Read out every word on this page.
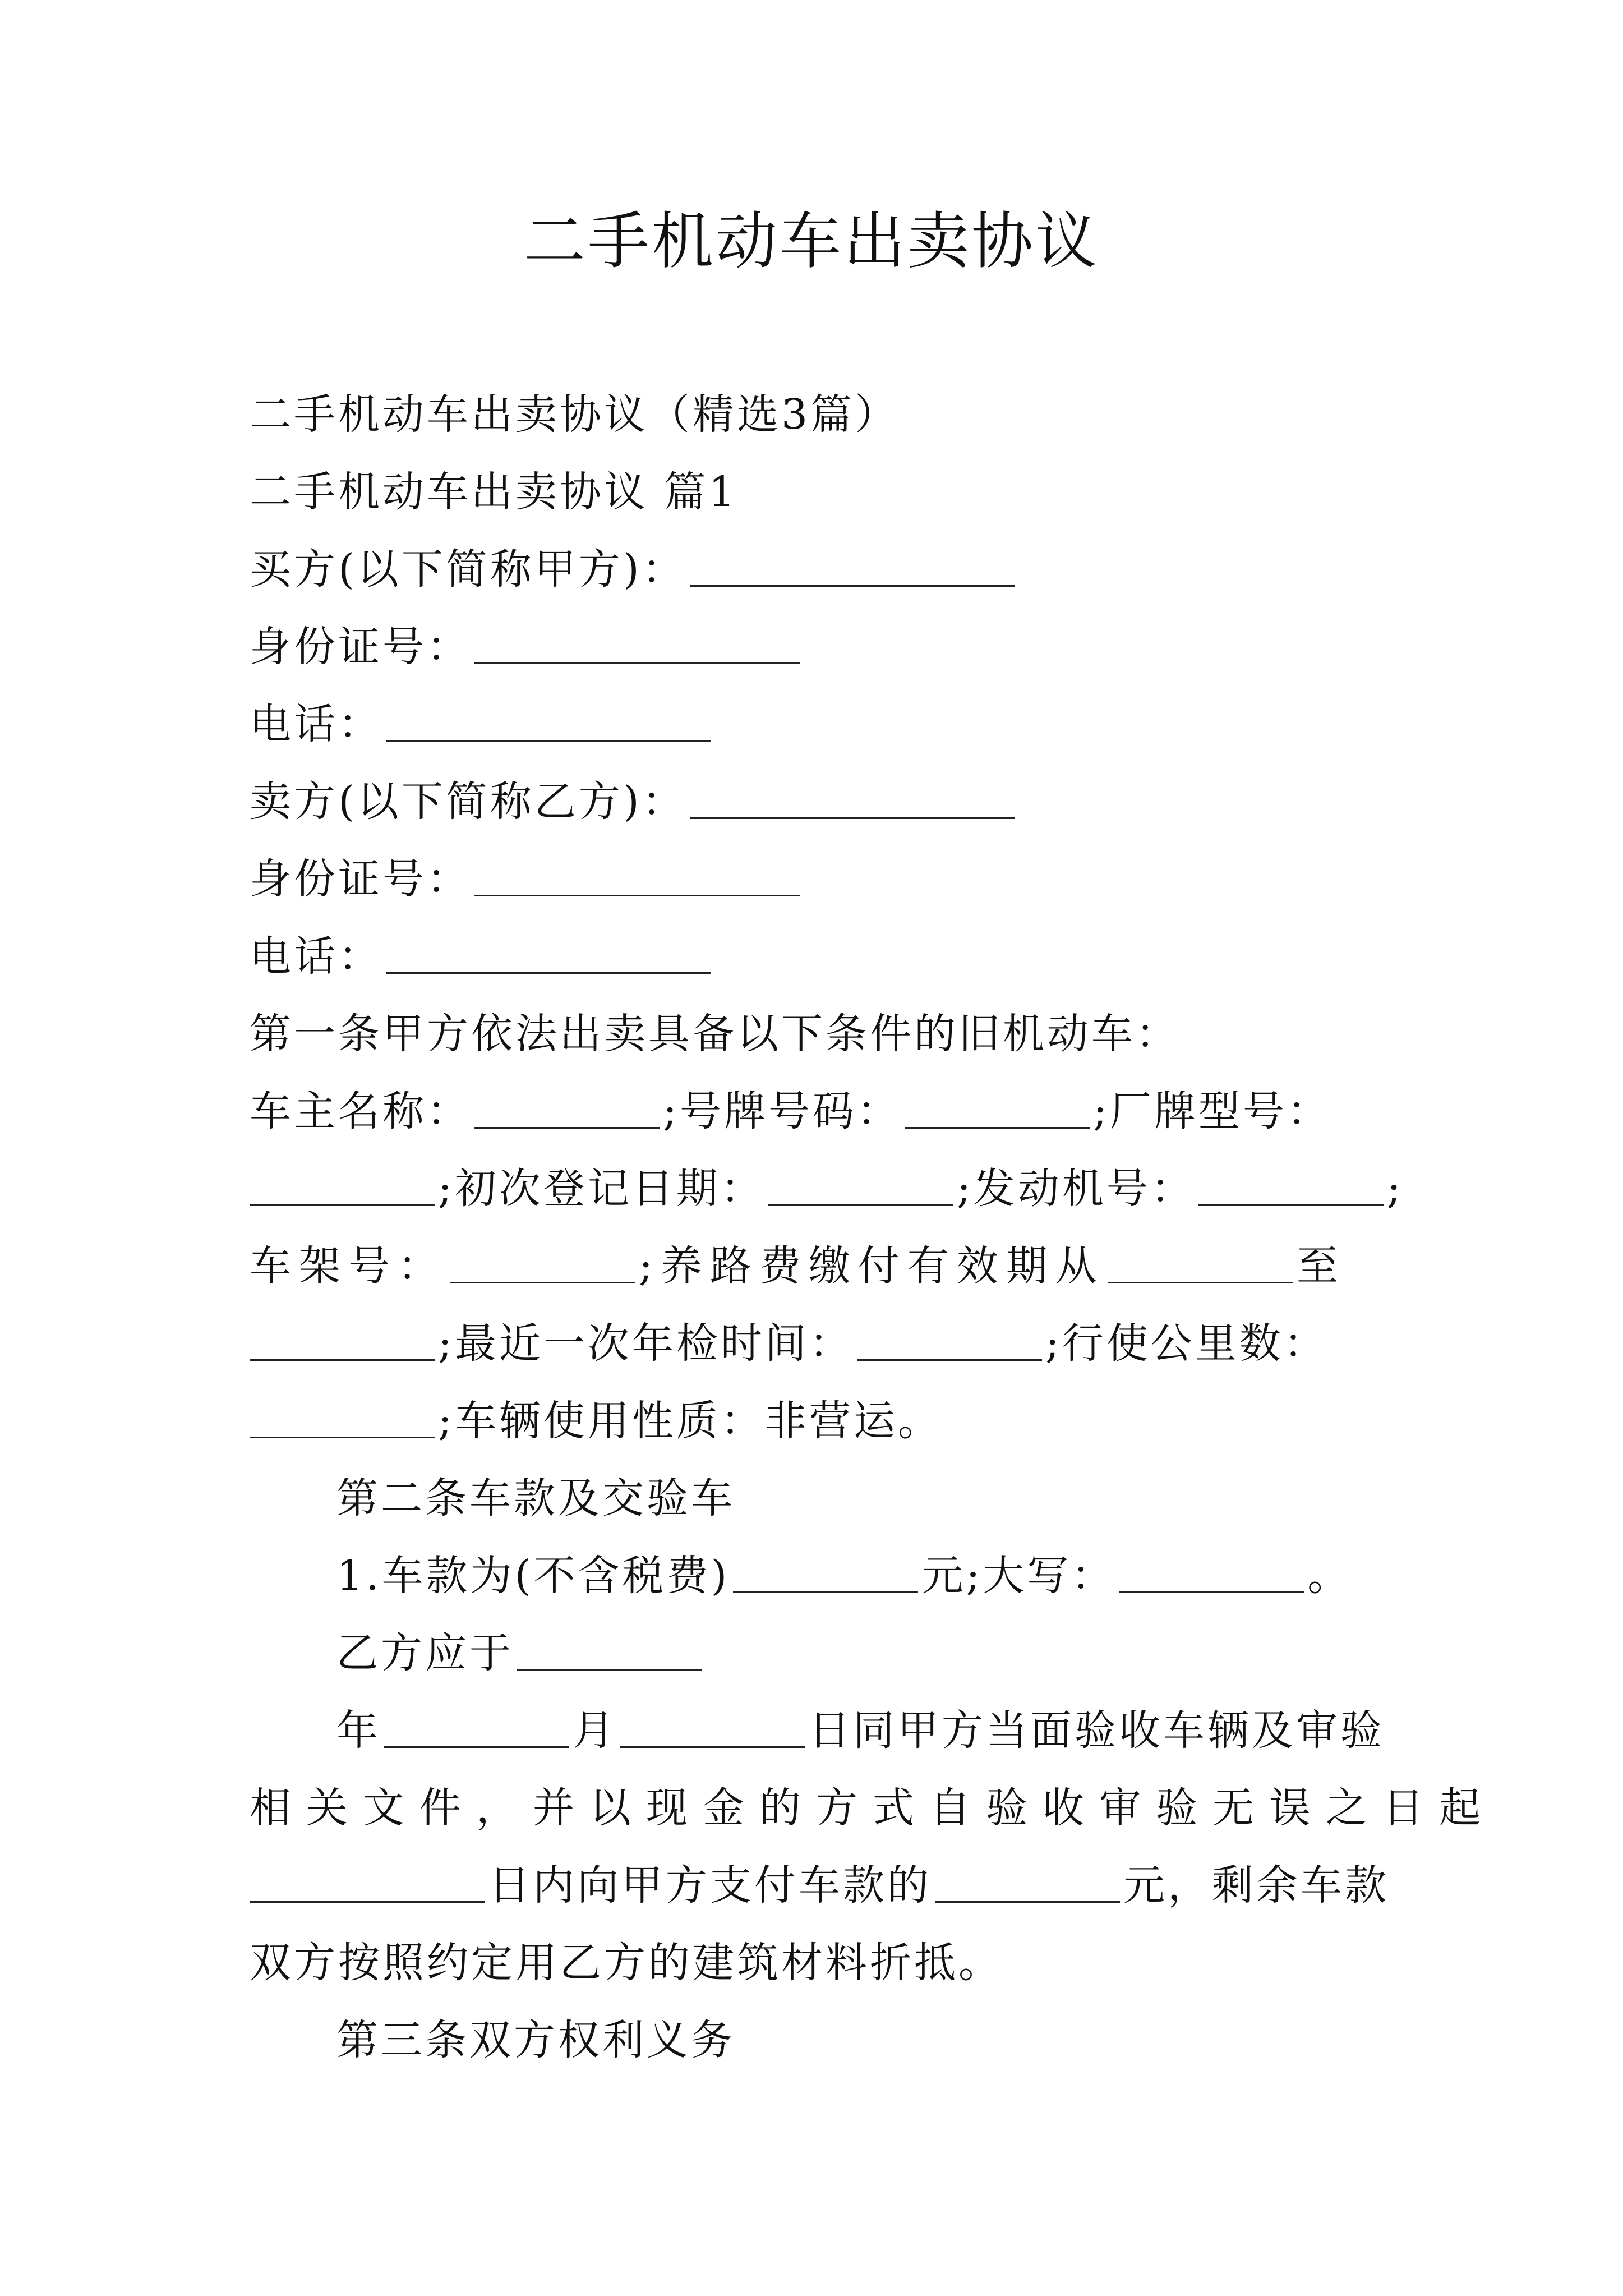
二手机动车出卖协议
二手机动车出卖协议（精选3篇）
二手机动车出卖协议 篇1
买方(以下简称甲方)：
身份证号：
电话：
卖方(以下简称乙方)：
身份证号：
电话：
第一条甲方依法出卖具备以下条件的旧机动车：
车主名称：	;号牌号码：	;厂牌型号：
;初次登记日期：	;发动机号：	;
车架号：	;养路费缴付有效期从	至
;最近一次年检时间：	;行使公里数：
;车辆使用性质：非营运。
第二条车款及交验车
1.车款为(不含税费)	元;大写：	。
乙方应于
年	月	日同甲方当面验收车辆及审验
相关文件，并以现金的方式自验收审验无误之日起
日内向甲方支付车款的	元，剩余车款
双方按照约定用乙方的建筑材料折抵。
第三条双方权利义务
